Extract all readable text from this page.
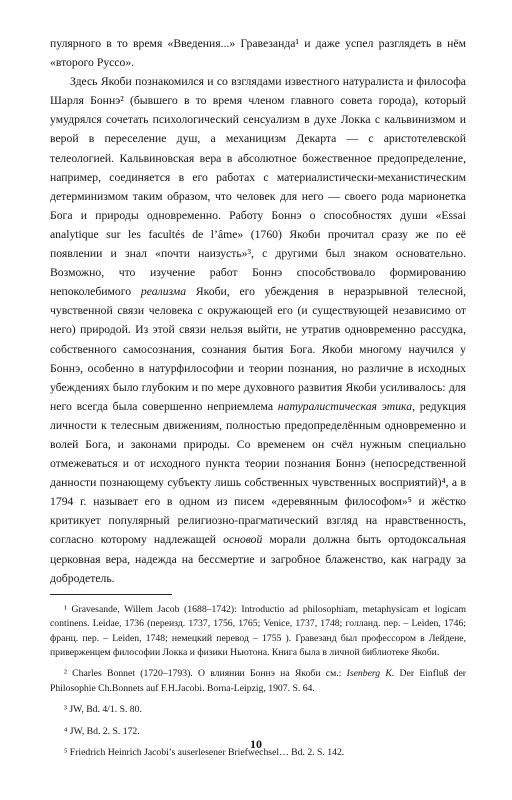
пулярного в то время «Введения...» Гравезанда¹ и даже успел разглядеть в нём «второго Руссо».

Здесь Якоби познакомился и со взглядами известного натуралиста и философа Шарля Боннэ² (бывшего в то время членом главного совета города), который умудрялся сочетать психологический сенсуализм в духе Локка с кальвинизмом и верой в переселение душ, а механицизм Декарта — с аристотелевской телеологией. Кальвиновская вера в абсолютное божественное предопределение, например, соединяется в его работах с материалистически-механистическим детерминизмом таким образом, что человек для него — своего рода марионетка Бога и природы одновременно. Работу Боннэ о способностях души «Essai analytique sur les facultés de l’âme» (1760) Якоби прочитал сразу же по её появлении и знал «почти наизусть»³, с другими был знаком основательно. Возможно, что изучение работ Боннэ способствовало формированию непоколебимого реализма Якоби, его убеждения в неразрывной телесной, чувственной связи человека с окружающей его (и существующей независимо от него) природой. Из этой связи нельзя выйти, не утратив одновременно рассудка, собственного самосознания, сознания бытия Бога. Якоби многому научился у Боннэ, особенно в натурфилософии и теории познания, но различие в исходных убеждениях было глубоким и по мере духовного развития Якоби усиливалось: для него всегда была совершенно неприемлема натуралистическая этика, редукция личности к телесным движениям, полностью предопределённым одновременно и волей Бога, и законами природы. Со временем он счёл нужным специально отмежеваться и от исходного пункта теории познания Боннэ (непосредственной данности познающему субъекту лишь собственных чувственных восприятий)⁴, а в 1794 г. называет его в одном из писем «деревянным философом»⁵ и жёстко критикует популярный религиозно-прагматический взгляд на нравственность, согласно которому надлежащей основой морали должна быть ортодоксальная церковная вера, надежда на бессмертие и загробное блаженство, как награду за добродетель.

¹ Gravesande, Willem Jacob (1688–1742): Introductio ad philosophiam, metaphysicam et logicam continens. Leidae, 1736 (переизд. 1737, 1756, 1765; Venice, 1737, 1748; голланд. пер. – Leiden, 1746; франц. пер. – Leiden, 1748; немецкий перевод – 1755 ). Гравезанд был профессором в Лейдене, приверженцем философии Локка и физики Ньютона. Книга была в личной библиотеке Якоби.

² Charles Bonnet (1720–1793). О влиянии Боннэ на Якоби см.: Isenberg K. Der Einfluß der Philosophie Ch.Bonnets auf F.H.Jacobi. Borna-Leipzig, 1907. S. 64.

³ JW, Bd. 4/1. S. 80.

⁴ JW, Bd. 2. S. 172.

⁵ Friedrich Heinrich Jacobi’s auserlesener Briefwechsel… Bd. 2. S. 142.

10
